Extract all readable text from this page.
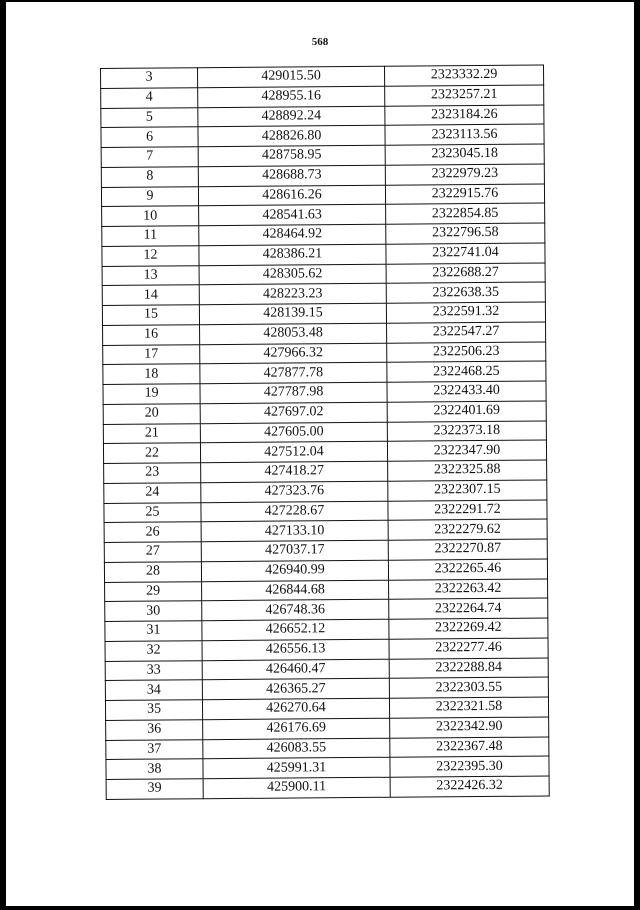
568
3	429015.50	2323332.29
4	428955.16	2323257.21
5	428892.24	2323184.26
6	428826.80	2323113.56
7	428758.95	2323045.18
8	428688.73	2322979.23
9	428616.26	2322915.76
10	428541.63	2322854.85
11	428464.92	2322796.58
12	428386.21	2322741.04
13	428305.62	2322688.27
14	428223.23	2322638.35
15	428139.15	2322591.32
16	428053.48	2322547.27
17	427966.32	2322506.23
18	427877.78	2322468.25
19	427787.98	2322433.40
20	427697.02	2322401.69
21	427605.00	2322373.18
22	427512.04	2322347.90
23	427418.27	2322325.88
24	427323.76	2322307.15
25	427228.67	2322291.72
26	427133.10	2322279.62
27	427037.17	2322270.87
28	426940.99	2322265.46
29	426844.68	2322263.42
30	426748.36	2322264.74
31	426652.12	2322269.42
32	426556.13	2322277.46
33	426460.47	2322288.84
34	426365.27	2322303.55
35	426270.64	2322321.58
36	426176.69	2322342.90
37	426083.55	2322367.48
38	425991.31	2322395.30
39	425900.11	2322426.32
